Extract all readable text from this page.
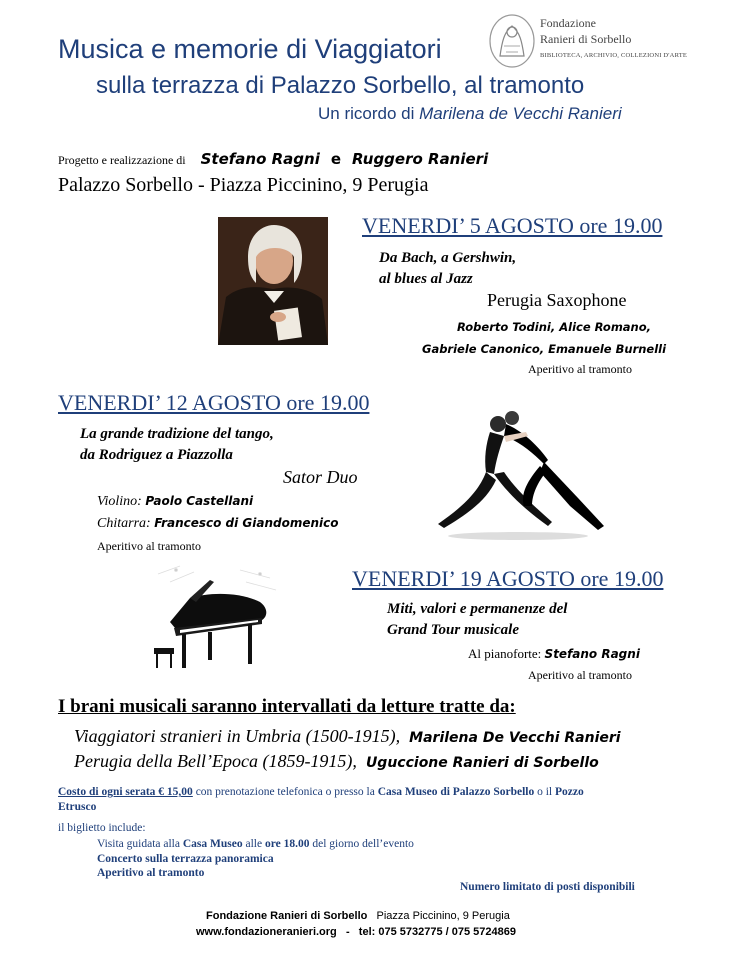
Musica e memorie di Viaggiatori
sulla terrazza di Palazzo Sorbello, al tramonto
Un ricordo di Marilena de Vecchi Ranieri
Fondazione
Ranieri di Sorbello
BIBLIOTECA, ARCHIVIO, COLLEZIONI D'ARTE
Progetto e realizzazione di Stefano Ragni e Ruggero Ranieri
Palazzo Sorbello - Piazza Piccinino, 9 Perugia
VENERDI’ 5 AGOSTO ore 19.00
Da Bach, a Gershwin,
al blues al Jazz
Perugia Saxophone
Roberto Todini, Alice Romano,
Gabriele Canonico, Emanuele Burnelli
Aperitivo al tramonto
VENERDI’ 12 AGOSTO ore 19.00
La grande tradizione del tango,
da Rodriguez a Piazzolla
Sator Duo
Violino: Paolo Castellani
Chitarra: Francesco di Giandomenico
Aperitivo al tramonto
VENERDI’ 19 AGOSTO ore 19.00
Miti, valori e permanenze del
Grand Tour musicale
Al pianoforte: Stefano Ragni
Aperitivo al tramonto
I brani musicali saranno intervallati da letture tratte da:
Viaggiatori stranieri in Umbria (1500-1915), Marilena De Vecchi Ranieri
Perugia della Bell’Epoca (1859-1915), Uguccione Ranieri di Sorbello
Costo di ogni serata € 15,00 con prenotazione telefonica o presso la Casa Museo di Palazzo Sorbello o il Pozzo
Etrusco
il biglietto include:
Visita guidata alla Casa Museo alle ore 18.00 del giorno dell’evento
Concerto sulla terrazza panoramica
Aperitivo al tramonto
Numero limitato di posti disponibili
Fondazione Ranieri di Sorbello Piazza Piccinino, 9 Perugia
www.fondazioneranieri.org - tel: 075 5732775 / 075 5724869
